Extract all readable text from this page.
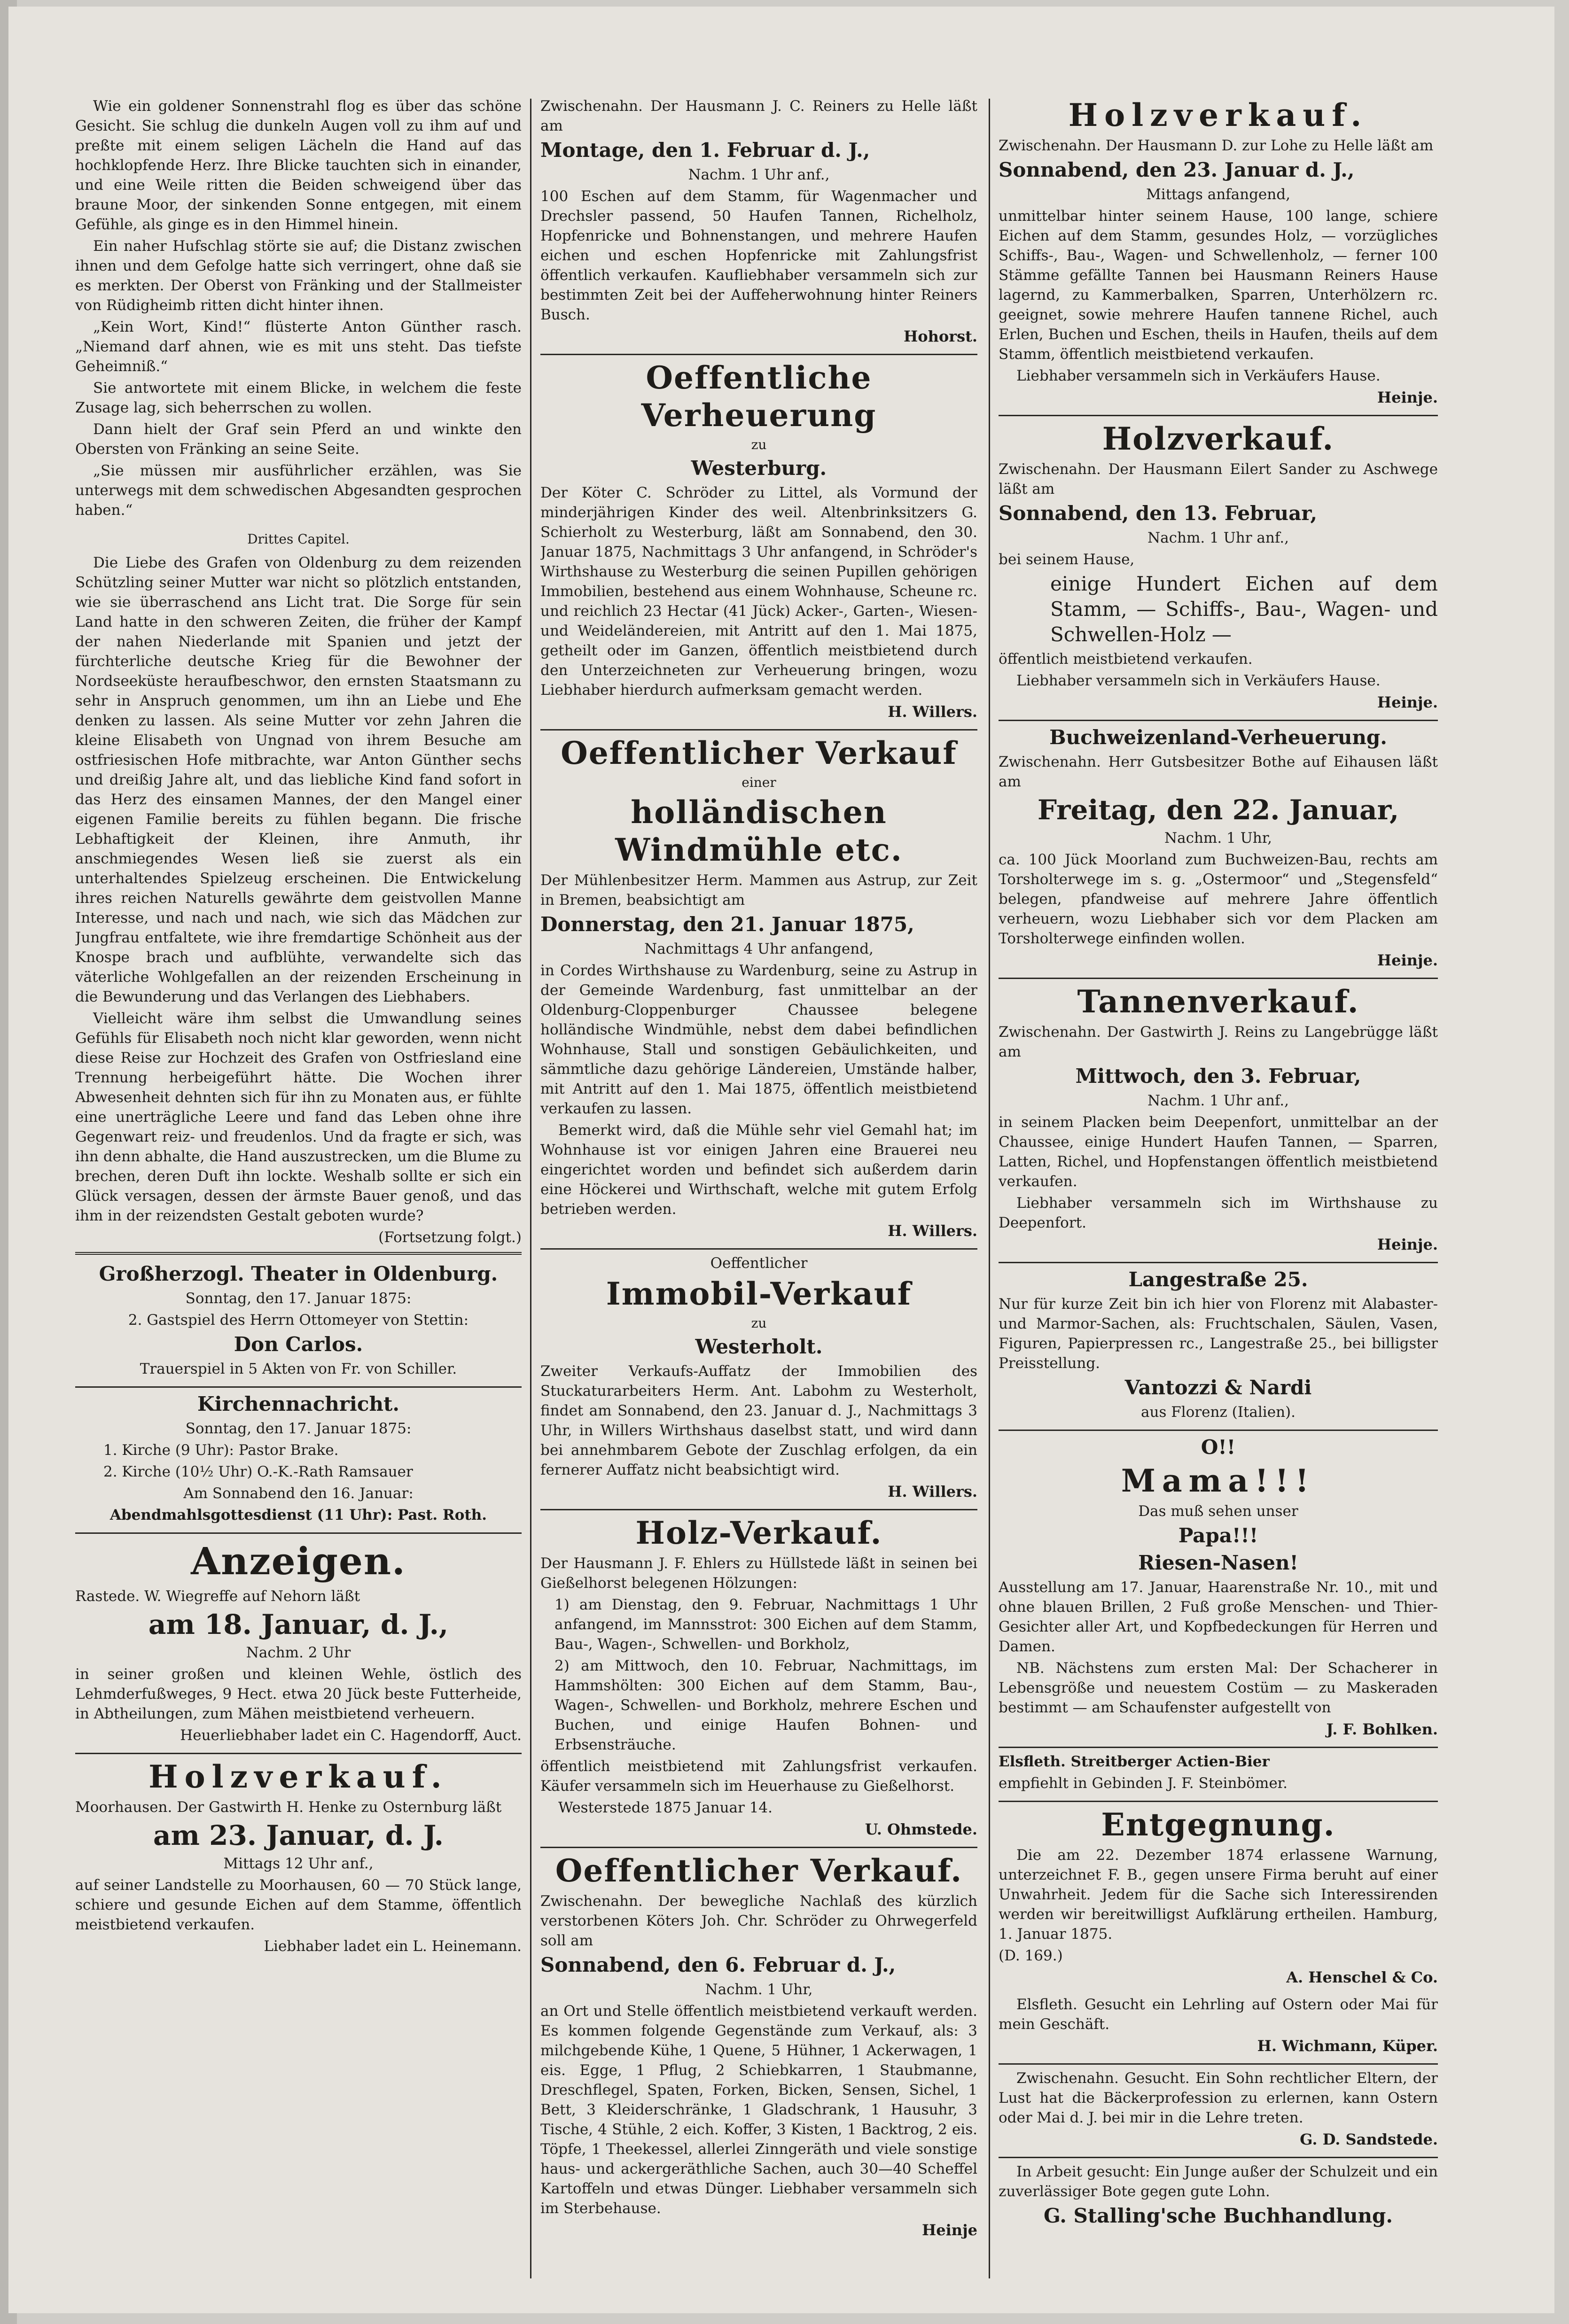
Wie ein goldener Sonnenstrahl flog es über das schöne Gesicht. Sie schlug die dunkeln Augen voll zu ihm auf und preßte mit einem seligen Lächeln die Hand auf das hochklopfende Herz. Ihre Blicke tauchten sich in einander, und eine Weile ritten die Beiden schweigend über das braune Moor, der sinkenden Sonne entgegen, mit einem Gefühle, als ginge es in den Himmel hinein.

Ein naher Hufschlag störte sie auf; die Distanz zwischen ihnen und dem Gefolge hatte sich verringert, ohne daß sie es merkten. Der Oberst von Fränking und der Stallmeister von Rüdigheimb ritten dicht hinter ihnen.

„Kein Wort, Kind!“ flüsterte Anton Günther rasch. „Niemand darf ahnen, wie es mit uns steht. Das tiefste Geheimniß.“

Sie antwortete mit einem Blicke, in welchem die feste Zusage lag, sich beherrschen zu wollen.

Dann hielt der Graf sein Pferd an und winkte den Obersten von Fränking an seine Seite.

„Sie müssen mir ausführlicher erzählen, was Sie unterwegs mit dem schwedischen Abgesandten gesprochen haben.“

Drittes Capitel.

Die Liebe des Grafen von Oldenburg zu dem reizenden Schützling seiner Mutter war nicht so plötzlich entstanden, wie sie überraschend ans Licht trat. Die Sorge für sein Land hatte in den schweren Zeiten, die früher der Kampf der nahen Niederlande mit Spanien und jetzt der fürchterliche deutsche Krieg für die Bewohner der Nordseeküste heraufbeschwor, den ernsten Staatsmann zu sehr in Anspruch genommen, um ihn an Liebe und Ehe denken zu lassen. Als seine Mutter vor zehn Jahren die kleine Elisabeth von Ungnad von ihrem Besuche am ostfriesischen Hofe mitbrachte, war Anton Günther sechs und dreißig Jahre alt, und das liebliche Kind fand sofort in das Herz des einsamen Mannes, der den Mangel einer eigenen Familie bereits zu fühlen begann. Die frische Lebhaftigkeit der Kleinen, ihre Anmuth, ihr anschmiegendes Wesen ließ sie zuerst als ein unterhaltendes Spielzeug erscheinen. Die Entwickelung ihres reichen Naturells gewährte dem geistvollen Manne Interesse, und nach und nach, wie sich das Mädchen zur Jungfrau entfaltete, wie ihre fremdartige Schönheit aus der Knospe brach und aufblühte, verwandelte sich das väterliche Wohlgefallen an der reizenden Erscheinung in die Bewunderung und das Verlangen des Liebhabers.

Vielleicht wäre ihm selbst die Umwandlung seines Gefühls für Elisabeth noch nicht klar geworden, wenn nicht diese Reise zur Hochzeit des Grafen von Ostfriesland eine Trennung herbeigeführt hätte. Die Wochen ihrer Abwesenheit dehnten sich für ihn zu Monaten aus, er fühlte eine unerträgliche Leere und fand das Leben ohne ihre Gegenwart reiz- und freudenlos. Und da fragte er sich, was ihn denn abhalte, die Hand auszustrecken, um die Blume zu brechen, deren Duft ihn lockte. Weshalb sollte er sich ein Glück versagen, dessen der ärmste Bauer genoß, und das ihm in der reizendsten Gestalt geboten wurde?

(Fortsetzung folgt.)

Großherzogl. Theater in Oldenburg.

Sonntag, den 17. Januar 1875:

2. Gastspiel des Herrn Ottomeyer von Stettin:

Don Carlos.

Trauerspiel in 5 Akten von Fr. von Schiller.

Kirchennachricht.

Sonntag, den 17. Januar 1875:

1. Kirche (9 Uhr): Pastor Brake.

2. Kirche (10½ Uhr) O.-K.-Rath Ramsauer

Am Sonnabend den 16. Januar:

Abendmahlsgottesdienst (11 Uhr): Past. Roth.

Anzeigen.

Rastede. W. Wiegreffe auf Nehorn läßt

am 18. Januar, d. J.,

Nachm. 2 Uhr

in seiner großen und kleinen Wehle, östlich des Lehmderfußweges, 9 Hect. etwa 20 Jück beste Futterheide, in Abtheilungen, zum Mähen meistbietend verheuern.

Heuerliebhaber ladet ein C. Hagendorff, Auct.

Holzverkauf.

Moorhausen. Der Gastwirth H. Henke zu Osternburg läßt

am 23. Januar, d. J.

Mittags 12 Uhr anf.,

auf seiner Landstelle zu Moorhausen, 60 — 70 Stück lange, schiere und gesunde Eichen auf dem Stamme, öffentlich meistbietend verkaufen.

Liebhaber ladet ein L. Heinemann.

Zwischenahn. Der Hausmann J. C. Reiners zu Helle läßt am

Montage, den 1. Februar d. J.,

Nachm. 1 Uhr anf.,

100 Eschen auf dem Stamm, für Wagenmacher und Drechsler passend, 50 Haufen Tannen, Richelholz, Hopfenricke und Bohnenstangen, und mehrere Haufen eichen und eschen Hopfenricke mit Zahlungsfrist öffentlich verkaufen. Kaufliebhaber versammeln sich zur bestimmten Zeit bei der Auffeherwohnung hinter Reiners Busch.

Hohorst.

Oeffentliche Verheuerung

zu

Westerburg.

Der Köter C. Schröder zu Littel, als Vormund der minderjährigen Kinder des weil. Altenbrinksitzers G. Schierholt zu Westerburg, läßt am Sonnabend, den 30. Januar 1875, Nachmittags 3 Uhr anfangend, in Schröder's Wirthshause zu Westerburg die seinen Pupillen gehörigen Immobilien, bestehend aus einem Wohnhause, Scheune rc. und reichlich 23 Hectar (41 Jück) Acker-, Garten-, Wiesen- und Weideländereien, mit Antritt auf den 1. Mai 1875, getheilt oder im Ganzen, öffentlich meistbietend durch den Unterzeichneten zur Verheuerung bringen, wozu Liebhaber hierdurch aufmerksam gemacht werden.

H. Willers.

Oeffentlicher Verkauf

einer

holländischen Windmühle etc.

Der Mühlenbesitzer Herm. Mammen aus Astrup, zur Zeit in Bremen, beabsichtigt am

Donnerstag, den 21. Januar 1875,

Nachmittags 4 Uhr anfangend,

in Cordes Wirthshause zu Wardenburg, seine zu Astrup in der Gemeinde Wardenburg, fast unmittelbar an der Oldenburg-Cloppenburger Chaussee belegene holländische Windmühle, nebst dem dabei befindlichen Wohnhause, Stall und sonstigen Gebäulichkeiten, und sämmtliche dazu gehörige Ländereien, Umstände halber, mit Antritt auf den 1. Mai 1875, öffentlich meistbietend verkaufen zu lassen.

Bemerkt wird, daß die Mühle sehr viel Gemahl hat; im Wohnhause ist vor einigen Jahren eine Brauerei neu eingerichtet worden und befindet sich außerdem darin eine Höckerei und Wirthschaft, welche mit gutem Erfolg betrieben werden.

H. Willers.

Oeffentlicher

Immobil-Verkauf

zu

Westerholt.

Zweiter Verkaufs-Auffatz der Immobilien des Stuckaturarbeiters Herm. Ant. Labohm zu Westerholt, findet am Sonnabend, den 23. Januar d. J., Nachmittags 3 Uhr, in Willers Wirthshaus daselbst statt, und wird dann bei annehmbarem Gebote der Zuschlag erfolgen, da ein fernerer Auffatz nicht beabsichtigt wird.

H. Willers.

Holz-Verkauf.

Der Hausmann J. F. Ehlers zu Hüllstede läßt in seinen bei Gießelhorst belegenen Hölzungen:

1) am Dienstag, den 9. Februar, Nachmittags 1 Uhr anfangend, im Mannsstrot: 300 Eichen auf dem Stamm, Bau-, Wagen-, Schwellen- und Borkholz,

2) am Mittwoch, den 10. Februar, Nachmittags, im Hammshölten: 300 Eichen auf dem Stamm, Bau-, Wagen-, Schwellen- und Borkholz, mehrere Eschen und Buchen, und einige Haufen Bohnen- und Erbsensträuche.

öffentlich meistbietend mit Zahlungsfrist verkaufen. Käufer versammeln sich im Heuerhause zu Gießelhorst.

Westerstede 1875 Januar 14.

U. Ohmstede.

Oeffentlicher Verkauf.

Zwischenahn. Der bewegliche Nachlaß des kürzlich verstorbenen Köters Joh. Chr. Schröder zu Ohrwegerfeld soll am

Sonnabend, den 6. Februar d. J.,

Nachm. 1 Uhr,

an Ort und Stelle öffentlich meistbietend verkauft werden. Es kommen folgende Gegenstände zum Verkauf, als: 3 milchgebende Kühe, 1 Quene, 5 Hühner, 1 Ackerwagen, 1 eis. Egge, 1 Pflug, 2 Schiebkarren, 1 Staubmanne, Dreschflegel, Spaten, Forken, Bicken, Sensen, Sichel, 1 Bett, 3 Kleiderschränke, 1 Gladschrank, 1 Hausuhr, 3 Tische, 4 Stühle, 2 eich. Koffer, 3 Kisten, 1 Backtrog, 2 eis. Töpfe, 1 Theekessel, allerlei Zinngeräth und viele sonstige haus- und ackergeräthliche Sachen, auch 30—40 Scheffel Kartoffeln und etwas Dünger. Liebhaber versammeln sich im Sterbehause.

Heinje

Holzverkauf.

Zwischenahn. Der Hausmann D. zur Lohe zu Helle läßt am

Sonnabend, den 23. Januar d. J.,

Mittags anfangend,

unmittelbar hinter seinem Hause, 100 lange, schiere Eichen auf dem Stamm, gesundes Holz, — vorzügliches Schiffs-, Bau-, Wagen- und Schwellenholz, — ferner 100 Stämme gefällte Tannen bei Hausmann Reiners Hause lagernd, zu Kammerbalken, Sparren, Unterhölzern rc. geeignet, sowie mehrere Haufen tannene Richel, auch Erlen, Buchen und Eschen, theils in Haufen, theils auf dem Stamm, öffentlich meistbietend verkaufen.

Liebhaber versammeln sich in Verkäufers Hause.

Heinje.

Holzverkauf.

Zwischenahn. Der Hausmann Eilert Sander zu Aschwege läßt am

Sonnabend, den 13. Februar,

Nachm. 1 Uhr anf.,

bei seinem Hause,

einige Hundert Eichen auf dem Stamm, — Schiffs-, Bau-, Wagen- und Schwellen-Holz —

öffentlich meistbietend verkaufen.

Liebhaber versammeln sich in Verkäufers Hause.

Heinje.

Buchweizenland-Verheuerung.

Zwischenahn. Herr Gutsbesitzer Bothe auf Eihausen läßt am

Freitag, den 22. Januar,

Nachm. 1 Uhr,

ca. 100 Jück Moorland zum Buchweizen-Bau, rechts am Torsholterwege im s. g. „Ostermoor“ und „Stegensfeld“ belegen, pfandweise auf mehrere Jahre öffentlich verheuern, wozu Liebhaber sich vor dem Placken am Torsholterwege einfinden wollen.

Heinje.

Tannenverkauf.

Zwischenahn. Der Gastwirth J. Reins zu Langebrügge läßt am

Mittwoch, den 3. Februar,

Nachm. 1 Uhr anf.,

in seinem Placken beim Deepenfort, unmittelbar an der Chaussee, einige Hundert Haufen Tannen, — Sparren, Latten, Richel, und Hopfenstangen öffentlich meistbietend verkaufen.

Liebhaber versammeln sich im Wirthshause zu Deepenfort.

Heinje.

Langestraße 25.

Nur für kurze Zeit bin ich hier von Florenz mit Alabaster- und Marmor-Sachen, als: Fruchtschalen, Säulen, Vasen, Figuren, Papierpressen rc., Langestraße 25., bei billigster Preisstellung.

Vantozzi & Nardi

aus Florenz (Italien).

O!!

Mama!!!

Das muß sehen unser

Papa!!!

Riesen-Nasen!

Ausstellung am 17. Januar, Haarenstraße Nr. 10., mit und ohne blauen Brillen, 2 Fuß große Menschen- und Thier-Gesichter aller Art, und Kopfbedeckungen für Herren und Damen.

NB. Nächstens zum ersten Mal: Der Schacherer in Lebensgröße und neuestem Costüm — zu Maskeraden bestimmt — am Schaufenster aufgestellt von

J. F. Bohlken.

Elsfleth. Streitberger Actien-Bier

empfiehlt in Gebinden J. F. Steinbömer.

Entgegnung.

Die am 22. Dezember 1874 erlassene Warnung, unterzeichnet F. B., gegen unsere Firma beruht auf einer Unwahrheit. Jedem für die Sache sich Interessirenden werden wir bereitwilligst Aufklärung ertheilen. Hamburg, 1. Januar 1875.

(D. 169.)

A. Henschel & Co.

Elsfleth. Gesucht ein Lehrling auf Ostern oder Mai für mein Geschäft.

H. Wichmann, Küper.

Zwischenahn. Gesucht. Ein Sohn rechtlicher Eltern, der Lust hat die Bäckerprofession zu erlernen, kann Ostern oder Mai d. J. bei mir in die Lehre treten.

G. D. Sandstede.

In Arbeit gesucht: Ein Junge außer der Schulzeit und ein zuverlässiger Bote gegen gute Lohn.

G. Stalling'sche Buchhandlung.
